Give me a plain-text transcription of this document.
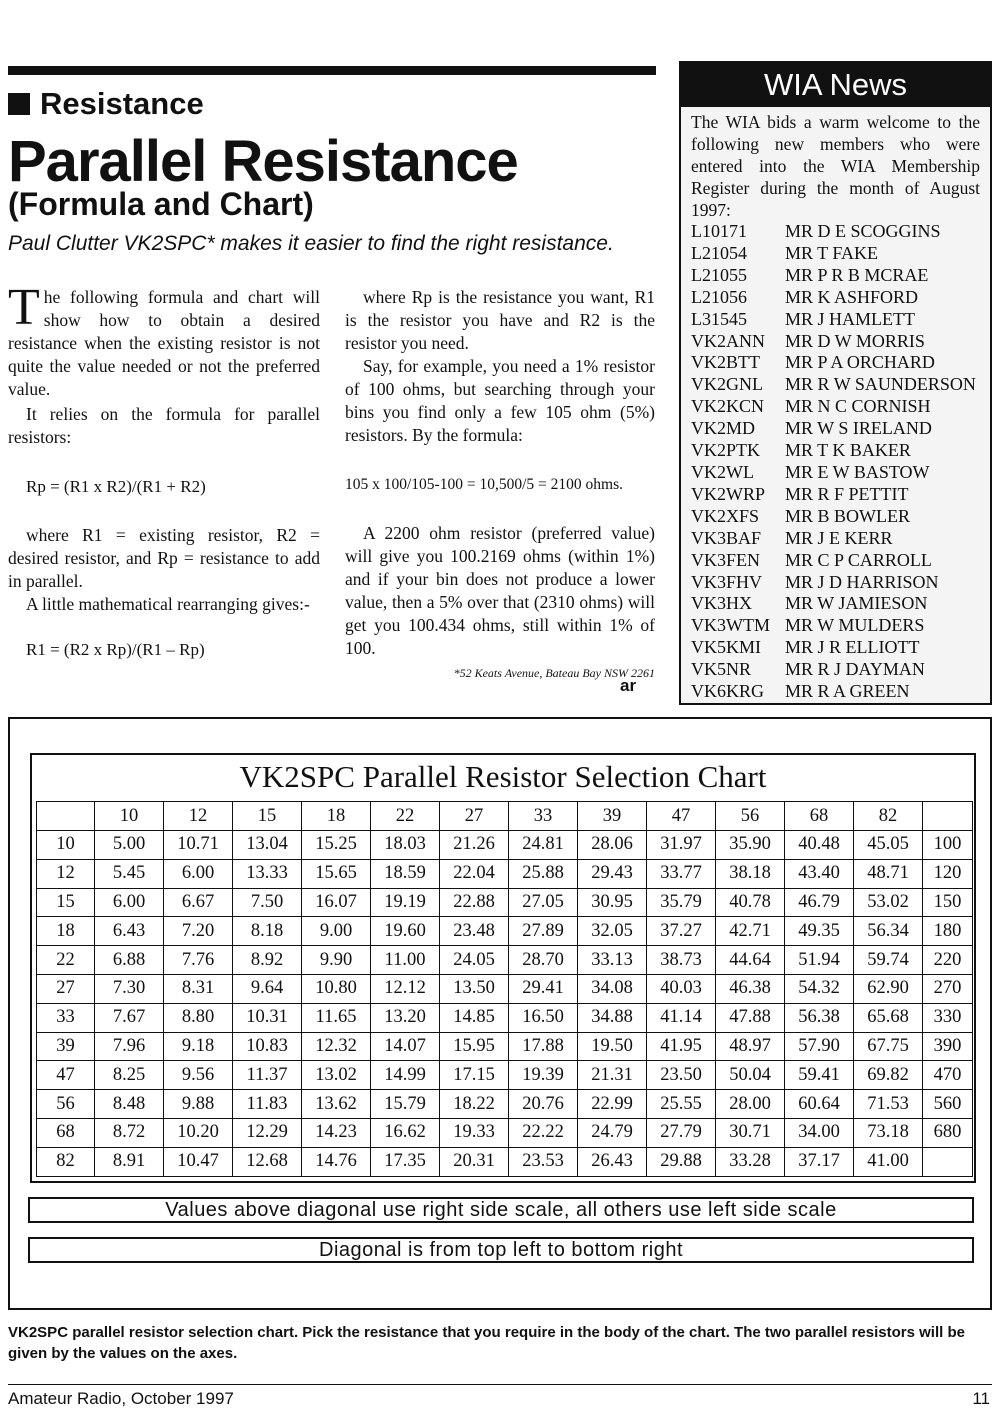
Resistance
Parallel Resistance
(Formula and Chart)
Paul Clutter VK2SPC* makes it easier to find the right resistance.

The following formula and chart will show how to obtain a desired resistance when the existing resistor is not quite the value needed or not the preferred value.

It relies on the formula for parallel resistors:

Rp = (R1 x R2)/(R1 + R2)

where R1 = existing resistor, R2 = desired resistor, and Rp = resistance to add in parallel.

A little mathematical rearranging gives:-

R1 = (R2 x Rp)/(R1 – Rp)

where Rp is the resistance you want, R1 is the resistor you have and R2 is the resistor you need.

Say, for example, you need a 1% resistor of 100 ohms, but searching through your bins you find only a few 105 ohm (5%) resistors. By the formula:

105 x 100/105-100 = 10,500/5 = 2100 ohms.

A 2200 ohm resistor (preferred value) will give you 100.2169 ohms (within 1%) and if your bin does not produce a lower value, then a 5% over that (2310 ohms) will get you 100.434 ohms, still within 1% of 100.

*52 Keats Avenue, Bateau Bay NSW 2261
ar
WIA News
The WIA bids a warm welcome to the following new members who were entered into the WIA Membership Register during the month of August 1997:
L10171	MR D E SCOGGINS
L21054	MR T FAKE
L21055	MR P R B MCRAE
L21056	MR K ASHFORD
L31545	MR J HAMLETT
VK2ANN	MR D W MORRIS
VK2BTT	MR P A ORCHARD
VK2GNL	MR R W SAUNDERSON
VK2KCN	MR N C CORNISH
VK2MD	MR W S IRELAND
VK2PTK	MR T K BAKER
VK2WL	MR E W BASTOW
VK2WRP	MR R F PETTIT
VK2XFS	MR B BOWLER
VK3BAF	MR J E KERR
VK3FEN	MR C P CARROLL
VK3FHV	MR J D HARRISON
VK3HX	MR W JAMIESON
VK3WTM MR W MULDERS
VK5KMI	MR J R ELLIOTT
VK5NR	MR R J DAYMAN
VK6KRG	MR R A GREEN
VK2SPC Parallel Resistor Selection Chart
	10	12	15	18	22	27	33	39	47	56	68	82	
10	5.00	10.71	13.04	15.25	18.03	21.26	24.81	28.06	31.97	35.90	40.48	45.05	100
12	5.45	6.00	13.33	15.65	18.59	22.04	25.88	29.43	33.77	38.18	43.40	48.71	120
15	6.00	6.67	7.50	16.07	19.19	22.88	27.05	30.95	35.79	40.78	46.79	53.02	150
18	6.43	7.20	8.18	9.00	19.60	23.48	27.89	32.05	37.27	42.71	49.35	56.34	180
22	6.88	7.76	8.92	9.90	11.00	24.05	28.70	33.13	38.73	44.64	51.94	59.74	220
27	7.30	8.31	9.64	10.80	12.12	13.50	29.41	34.08	40.03	46.38	54.32	62.90	270
33	7.67	8.80	10.31	11.65	13.20	14.85	16.50	34.88	41.14	47.88	56.38	65.68	330
39	7.96	9.18	10.83	12.32	14.07	15.95	17.88	19.50	41.95	48.97	57.90	67.75	390
47	8.25	9.56	11.37	13.02	14.99	17.15	19.39	21.31	23.50	50.04	59.41	69.82	470
56	8.48	9.88	11.83	13.62	15.79	18.22	20.76	22.99	25.55	28.00	60.64	71.53	560
68	8.72	10.20	12.29	14.23	16.62	19.33	22.22	24.79	27.79	30.71	34.00	73.18	680
82	8.91	10.47	12.68	14.76	17.35	20.31	23.53	26.43	29.88	33.28	37.17	41.00	
Values above diagonal use right side scale, all others use left side scale
Diagonal is from top left to bottom right
VK2SPC parallel resistor selection chart. Pick the resistance that you require in the body of the chart. The two parallel resistors will be given by the values on the axes.
Amateur Radio, October 1997	11
